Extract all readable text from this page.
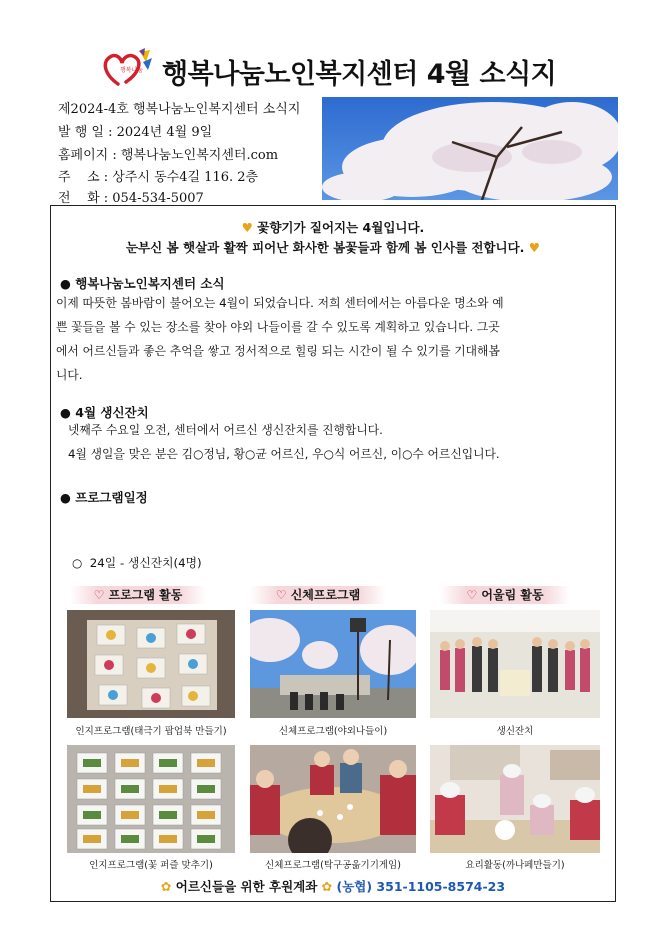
행복나눔 행복나눔노인복지센터 4월 소식지
제2024-4호 행복나눔노인복지센터 소식지
발 행 일 : 2024년 4월 9일
홈페이지 : 행복나눔노인복지센터.com
주    소 : 상주시 동수4길 116. 2층
전    화 : 054-534-5007
♥ 꽃향기가 짙어지는 4월입니다.
눈부신 봄 햇살과 활짝 피어난 화사한 봄꽃들과 함께 봄 인사를 전합니다. ♥
● 행복나눔노인복지센터 소식
이제 따뜻한 봄바람이 불어오는 4월이 되었습니다. 저희 센터에서는 아름다운 명소와 예
쁜 꽃들을 볼 수 있는 장소를 찾아 야외 나들이를 갈 수 있도록 계획하고 있습니다. 그곳
에서 어르신들과 좋은 추억을 쌓고 정서적으로 힐링 되는 시간이 될 수 있기를 기대해봅
니다.
● 4월 생신잔치
넷째주 수요일 오전, 센터에서 어르신 생신잔치를 진행합니다.
4월 생일을 맞은 분은 김○정님, 황○균 어르신, 우○식 어르신, 이○수 어르신입니다.
● 프로그램일정

○  24일 - 생신잔치(4명)

♡ 프로그램 활동	♡ 신체프로그램	♡ 어울림 활동
인지프로그램(태극기 팝업북 만들기)	신체프로그램(야외나들이)	생신잔치
인지프로그램(꽃 퍼즐 맞추기)	신체프로그램(탁구공옮기기게임)	요리활동(까나페만들기)
✿ 어르신들을 위한 후원계좌 ✿ (농협) 351-1105-8574-23
